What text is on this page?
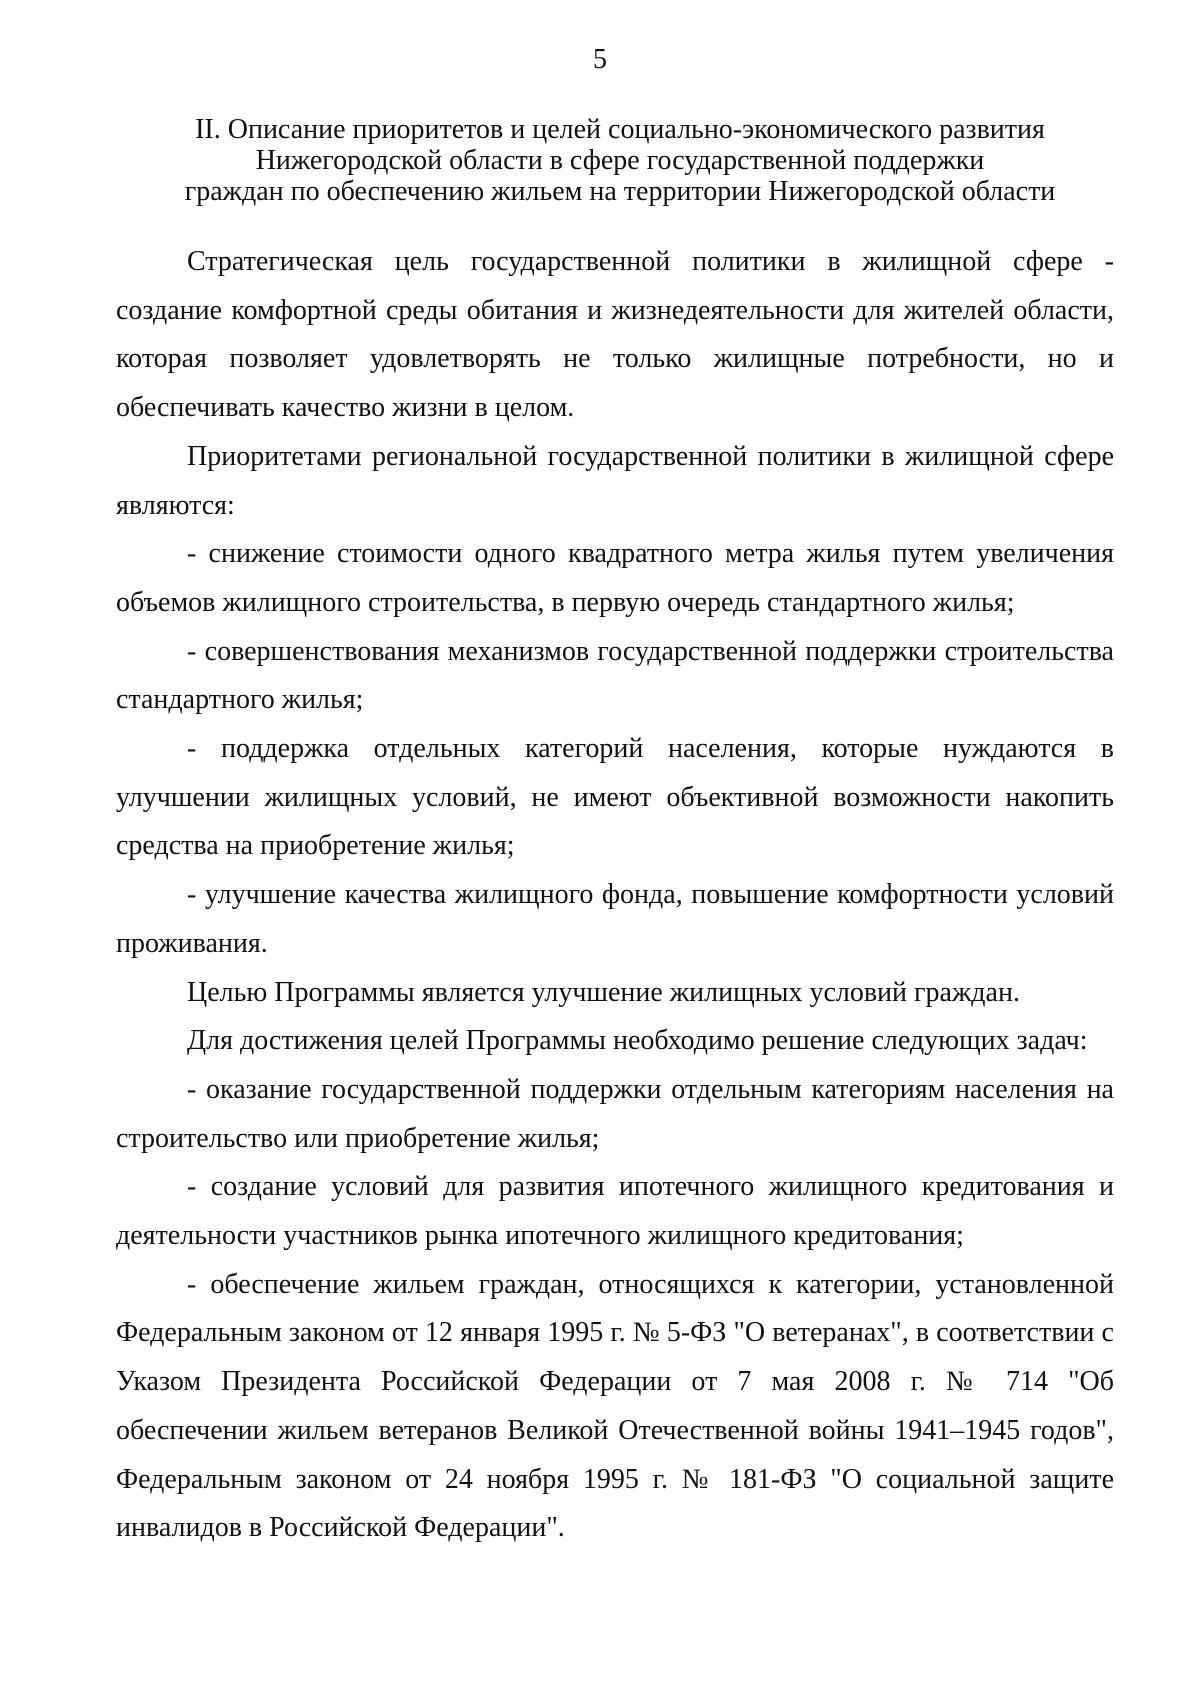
5
II. Описание приоритетов и целей социально-экономического развития
Нижегородской области в сфере государственной поддержки
граждан по обеспечению жильем на территории Нижегородской области

Стратегическая цель государственной политики в жилищной сфере - создание комфортной среды обитания и жизнедеятельности для жителей области, которая позволяет удовлетворять не только жилищные потребности, но и обеспечивать качество жизни в целом.

Приоритетами региональной государственной политики в жилищной сфере являются:

- снижение стоимости одного квадратного метра жилья путем увеличения объемов жилищного строительства, в первую очередь стандартного жилья;

- совершенствования механизмов государственной поддержки строительства стандартного жилья;

- поддержка отдельных категорий населения, которые нуждаются в улучшении жилищных условий, не имеют объективной возможности накопить средства на приобретение жилья;

- улучшение качества жилищного фонда, повышение комфортности условий проживания.

Целью Программы является улучшение жилищных условий граждан.

Для достижения целей Программы необходимо решение следующих задач:

- оказание государственной поддержки отдельным категориям населения на строительство или приобретение жилья;

- создание условий для развития ипотечного жилищного кредитования и деятельности участников рынка ипотечного жилищного кредитования;

- обеспечение жильем граждан, относящихся к категории, установленной Федеральным законом от 12 января 1995 г. № 5-ФЗ "О ветеранах", в соответствии с Указом Президента Российской Федерации от 7 мая 2008 г. № 714 "Об обеспечении жильем ветеранов Великой Отечественной войны 1941–1945 годов", Федеральным законом от 24 ноября 1995 г. № 181-ФЗ "О социальной защите инвалидов в Российской Федерации".
